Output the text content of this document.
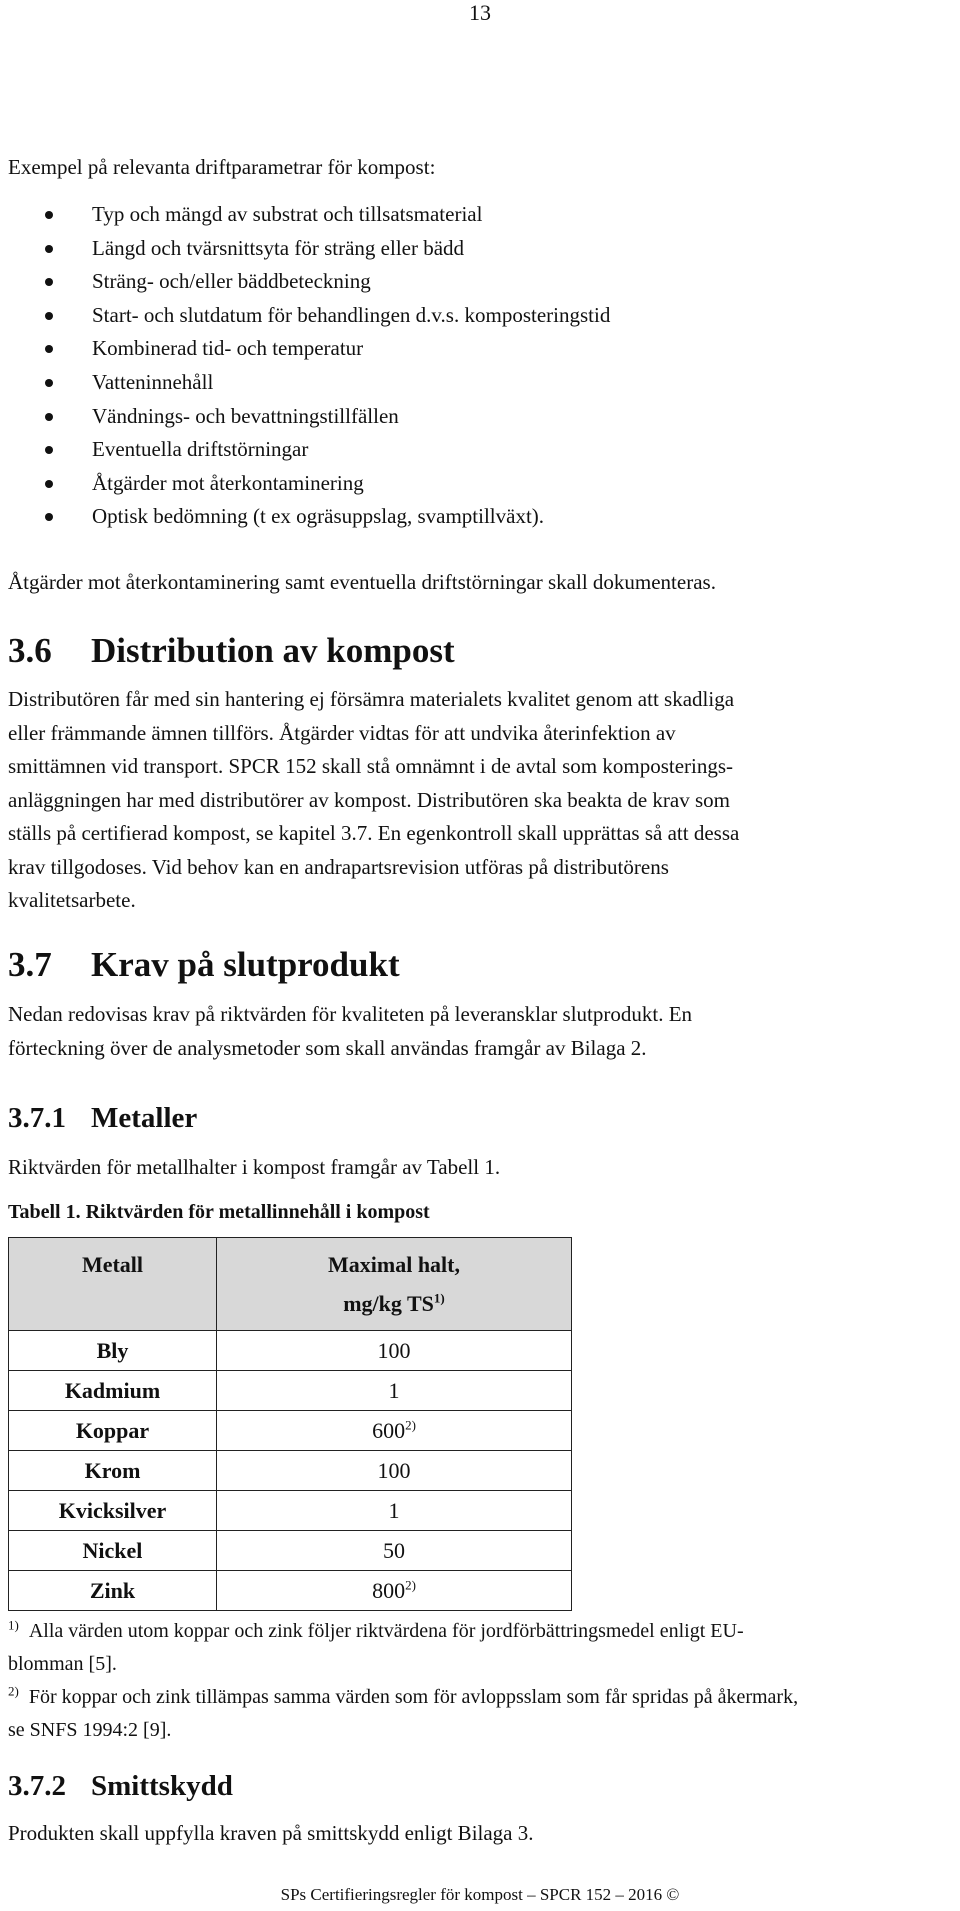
13
Exempel på relevanta driftparametrar för kompost:
Typ och mängd av substrat och tillsatsmaterial
Längd och tvärsnittsyta för sträng eller bädd
Sträng- och/eller bäddbeteckning
Start- och slutdatum för behandlingen d.v.s. komposteringstid
Kombinerad tid- och temperatur
Vatteninnehåll
Vändnings- och bevattningstillfällen
Eventuella driftstörningar
Åtgärder mot återkontaminering
Optisk bedömning (t ex ogräsuppslag, svamptillväxt).
Åtgärder mot återkontaminering samt eventuella driftstörningar skall dokumenteras.
3.6 Distribution av kompost
Distributören får med sin hantering ej försämra materialets kvalitet genom att skadliga
eller främmande ämnen tillförs. Åtgärder vidtas för att undvika återinfektion av
smittämnen vid transport. SPCR 152 skall stå omnämnt i de avtal som komposterings-
anläggningen har med distributörer av kompost. Distributören ska beakta de krav som
ställs på certifierad kompost, se kapitel 3.7. En egenkontroll skall upprättas så att dessa
krav tillgodoses. Vid behov kan en andrapartsrevision utföras på distributörens
kvalitetsarbete.
3.7 Krav på slutprodukt
Nedan redovisas krav på riktvärden för kvaliteten på leveransklar slutprodukt. En
förteckning över de analysmetoder som skall användas framgår av Bilaga 2.
3.7.1 Metaller
Riktvärden för metallhalter i kompost framgår av Tabell 1.
Tabell 1. Riktvärden för metallinnehåll i kompost
Metall	Maximal halt,
mg/kg TS$^{1)}$
Bly	100
Kadmium	1
Koppar	600$^{2)}$
Krom	100
Kvicksilver	1
Nickel	50
Zink	800$^{2)}$
$^{1)}$ Alla värden utom koppar och zink följer riktvärdena för jordförbättringsmedel enligt EU-
blomman [5].
$^{2)}$ För koppar och zink tillämpas samma värden som för avloppsslam som får spridas på åkermark,
se SNFS 1994:2 [9].
3.7.2 Smittskydd
Produkten skall uppfylla kraven på smittskydd enligt Bilaga 3.
SPs Certifieringsregler för kompost – SPCR 152 – 2016 ©
